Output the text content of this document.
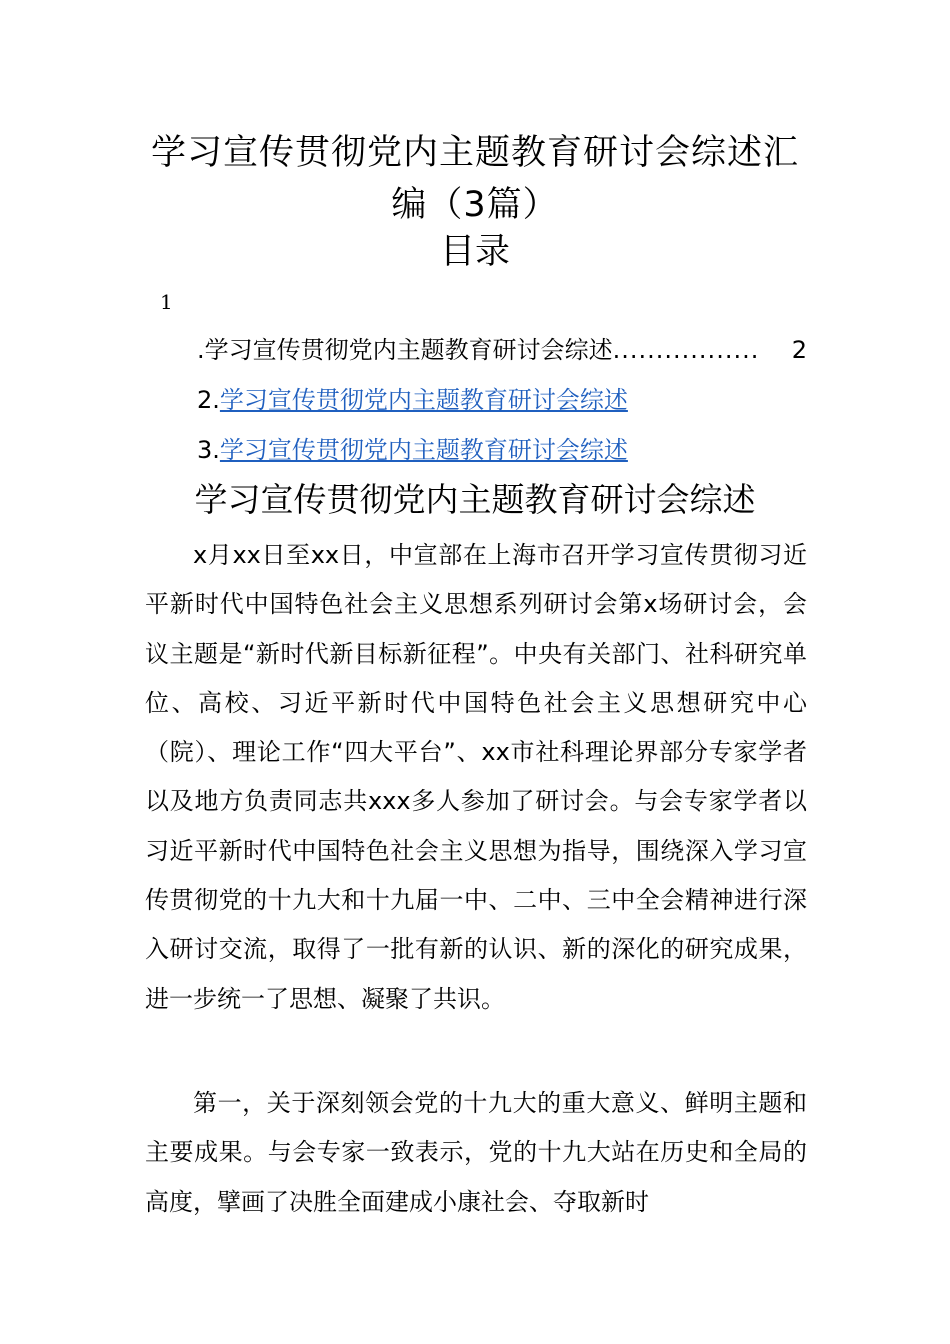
学习宣传贯彻党内主题教育研讨会综述汇
编（3篇）
目录
1
.学习宣传贯彻党内主题教育研讨会综述 .................	2
2.学习宣传贯彻党内主题教育研讨会综述
3.学习宣传贯彻党内主题教育研讨会综述
学习宣传贯彻党内主题教育研讨会综述

x月xx日至xx日，中宣部在上海市召开学习宣传贯彻习近平新时代中国特色社会主义思想系列研讨会第x场研讨会，会议主题是“新时代新目标新征程”。中央有关部门、社科研究单位、高校、习近平新时代中国特色社会主义思想研究中心（院）、理论工作“四大平台”、xx市社科理论界部分专家学者以及地方负责同志共xxx多人参加了研讨会。与会专家学者以习近平新时代中国特色社会主义思想为指导，围绕深入学习宣传贯彻党的十九大和十九届一中、二中、三中全会精神进行深入研讨交流，取得了一批有新的认识、新的深化的研究成果，进一步统一了思想、凝聚了共识。

第一，关于深刻领会党的十九大的重大意义、鲜明主题和主要成果。与会专家一致表示，党的十九大站在历史和全局的高度，擘画了决胜全面建成小康社会、夺取新时
